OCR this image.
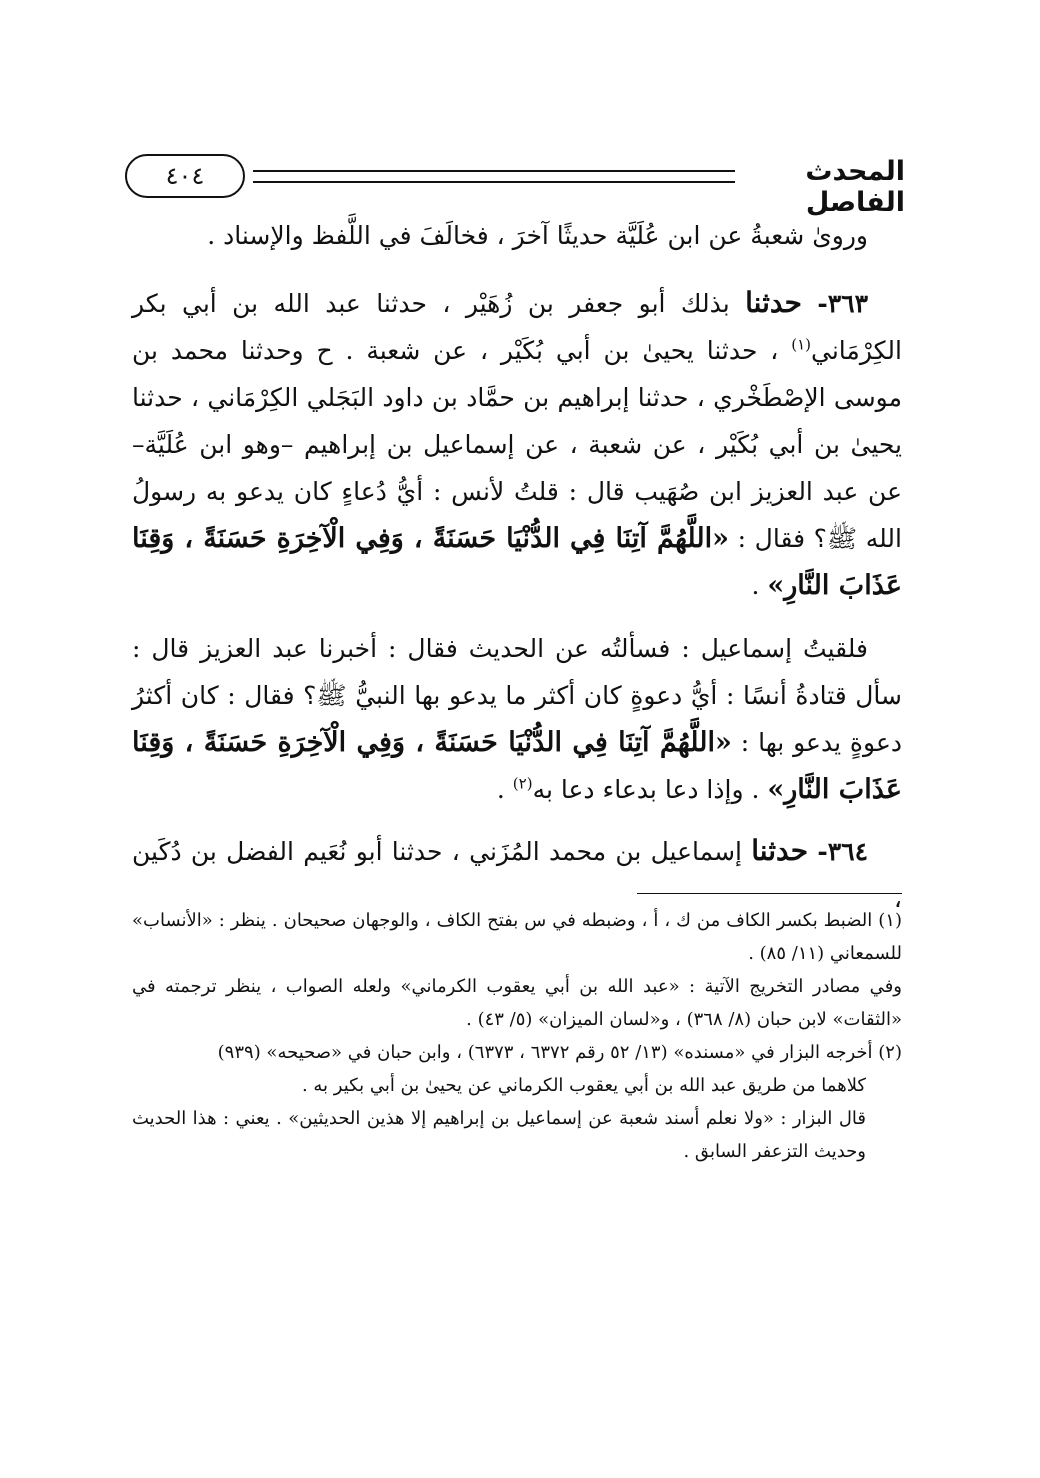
٤٠٤	المحدث الفاصل

وروىٰ شعبةُ عن ابن عُلَيَّة حديثًا آخرَ ، فخالَفَ في اللَّفظ والإسناد .

٣٦٣- حدثنا بذلك أبو جعفر بن زُهَيْر ، حدثنا عبد الله بن أبي بكر الكِرْمَاني$^{(١)}$ ، حدثنا يحيىٰ بن أبي بُكَيْر ، عن شعبة . ح وحدثنا محمد بن موسى الإصْطَخْري ، حدثنا إبراهيم بن حمَّاد بن داود البَجَلي الكِرْمَاني ، حدثنا يحيىٰ بن أبي بُكَيْر ، عن شعبة ، عن إسماعيل بن إبراهيم –وهو ابن عُلَيَّة– عن عبد العزيز ابن صُهَيب قال : قلتُ لأنس : أيُّ دُعاءٍ كان يدعو به رسولُ الله ﷺ؟ فقال : «اللَّهُمَّ آتِنَا فِي الدُّنْيَا حَسَنَةً ، وَفِي الْآخِرَةِ حَسَنَةً ، وَقِنَا عَذَابَ النَّارِ» .

فلقيتُ إسماعيل : فسألتُه عن الحديث فقال : أخبرنا عبد العزيز قال : سأل قتادةُ أنسًا : أيُّ دعوةٍ كان أكثر ما يدعو بها النبيُّ ﷺ؟ فقال : كان أكثرُ دعوةٍ يدعو بها : «اللَّهُمَّ آتِنَا فِي الدُّنْيَا حَسَنَةً ، وَفِي الْآخِرَةِ حَسَنَةً ، وَقِنَا عَذَابَ النَّارِ» . وإذا دعا بدعاء دعا به$^{(٢)}$ .

٣٦٤- حدثنا إسماعيل بن محمد المُزَني ، حدثنا أبو نُعَيم الفضل بن دُكَين ،

(١) الضبط بكسر الكاف من ك ، أ ، وضبطه في س بفتح الكاف ، والوجهان صحيحان . ينظر : «الأنساب» للسمعاني (١١/ ٨٥) .

وفي مصادر التخريج الآتية : «عبد الله بن أبي يعقوب الكرماني» ولعله الصواب ، ينظر ترجمته في «الثقات» لابن حبان (٨/ ٣٦٨) ، و«لسان الميزان» (٥/ ٤٣) .

(٢) أخرجه البزار في «مسنده» (١٣/ ٥٢ رقم ٦٣٧٢ ، ٦٣٧٣) ، وابن حبان في «صحيحه» (٩٣٩)

كلاهما من طريق عبد الله بن أبي يعقوب الكرماني عن يحيىٰ بن أبي بكير به .

قال البزار : «ولا نعلم أسند شعبة عن إسماعيل بن إبراهيم إلا هذين الحديثين» . يعني : هذا الحديث وحديث التزعفر السابق .
